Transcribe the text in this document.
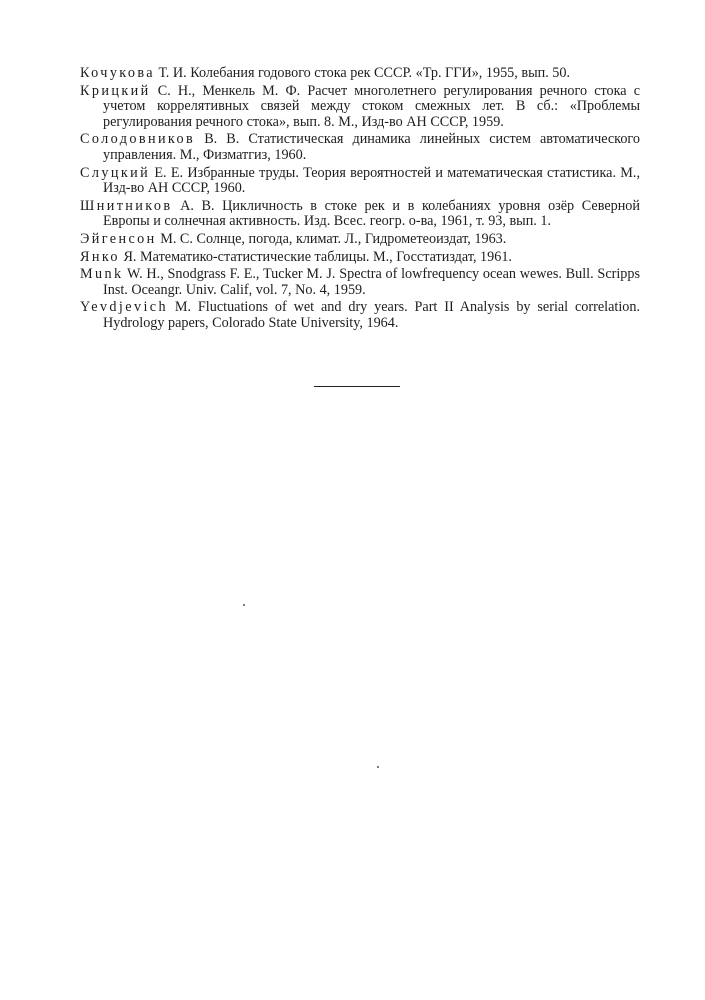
Кочукова Т. И. Колебания годового стока рек СССР. «Тр. ГГИ», 1955, вып. 50.
Крицкий С. Н., Менкель М. Ф. Расчет многолетнего регулирования речного стока с учетом коррелятивных связей между стоком смежных лет. В сб.: «Проблемы регулирования речного стока», вып. 8. М., Изд-во АН СССР, 1959.
Солодовников В. В. Статистическая динамика линейных систем автоматического управления. М., Физматгиз, 1960.
Слуцкий Е. Е. Избранные труды. Теория вероятностей и математическая статистика. М., Изд-во АН СССР, 1960.
Шнитников А. В. Цикличность в стоке рек и в колебаниях уровня озёр Северной Европы и солнечная активность. Изд. Всес. геогр. о-ва, 1961, т. 93, вып. 1.
Эйгенсон М. С. Солнце, погода, климат. Л., Гидрометеоиздат, 1963.
Янко Я. Математико-статистические таблицы. М., Госстатиздат, 1961.
Munk W. H., Snodgrass F. E., Tucker M. J. Spectra of lowfrequency ocean wewes. Bull. Scripps Inst. Oceangr. Univ. Calif, vol. 7, No. 4, 1959.
Yevdjevich M. Fluctuations of wet and dry years. Part II Analysis by serial correlation. Hydrology papers, Colorado State University, 1964.
